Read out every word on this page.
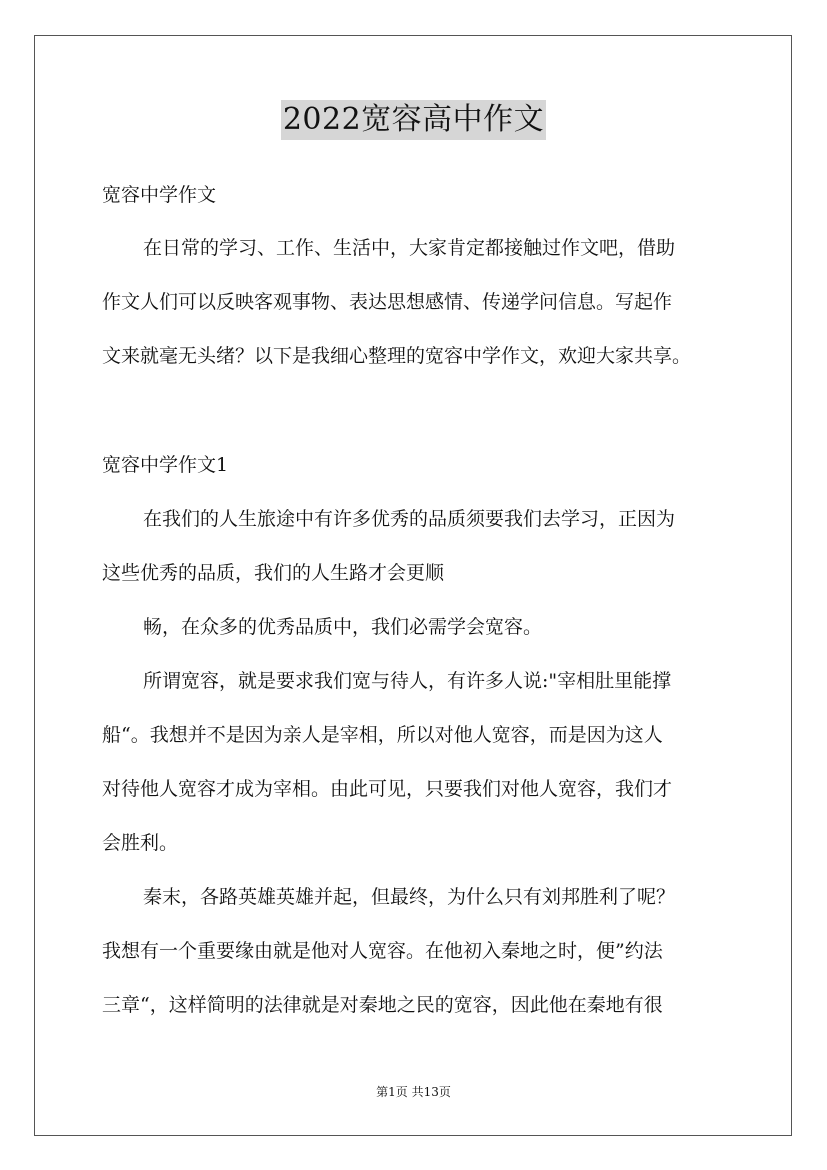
2022宽容高中作文
宽容中学作文
在日常的学习、工作、生活中，大家肯定都接触过作文吧，借助
作文人们可以反映客观事物、表达思想感情、传递学问信息。写起作
文来就毫无头绪？以下是我细心整理的宽容中学作文，欢迎大家共享。
宽容中学作文1
在我们的人生旅途中有许多优秀的品质须要我们去学习，正因为
这些优秀的品质，我们的人生路才会更顺
畅，在众多的优秀品质中，我们必需学会宽容。
所谓宽容，就是要求我们宽与待人，有许多人说:"宰相肚里能撑
船“。我想并不是因为亲人是宰相，所以对他人宽容，而是因为这人
对待他人宽容才成为宰相。由此可见，只要我们对他人宽容，我们才
会胜利。
秦末，各路英雄英雄并起，但最终，为什么只有刘邦胜利了呢？
我想有一个重要缘由就是他对人宽容。在他初入秦地之时，便”约法
三章“，这样简明的法律就是对秦地之民的宽容，因此他在秦地有很
第1页 共13页
